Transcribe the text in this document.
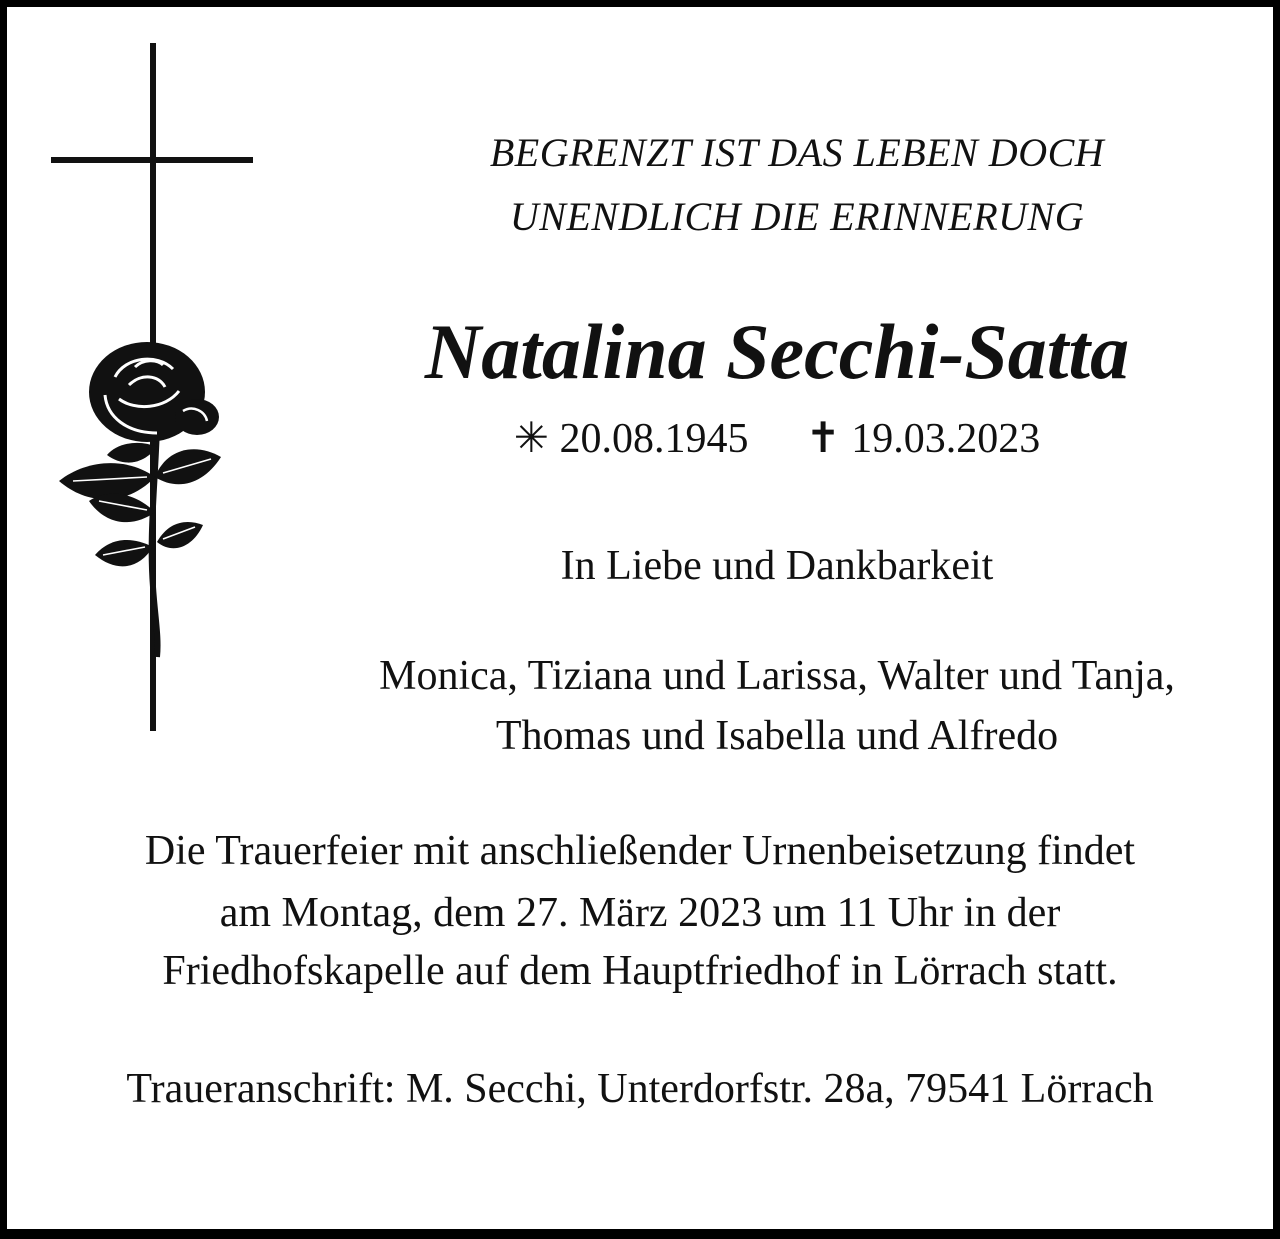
BEGRENZT IST DAS LEBEN DOCH

UNENDLICH DIE ERINNERUNG

Natalina Secchi-Satta

✳ 20.08.1945 ✝ 19.03.2023

In Liebe und Dankbarkeit

Monica, Tiziana und Larissa, Walter und Tanja,

Thomas und Isabella und Alfredo

Die Trauerfeier mit anschließender Urnenbeisetzung findet

am Montag, dem 27. März 2023 um 11 Uhr in der

Friedhofskapelle auf dem Hauptfriedhof in Lörrach statt.

Traueranschrift: M. Secchi, Unterdorfstr. 28a, 79541 Lörrach
